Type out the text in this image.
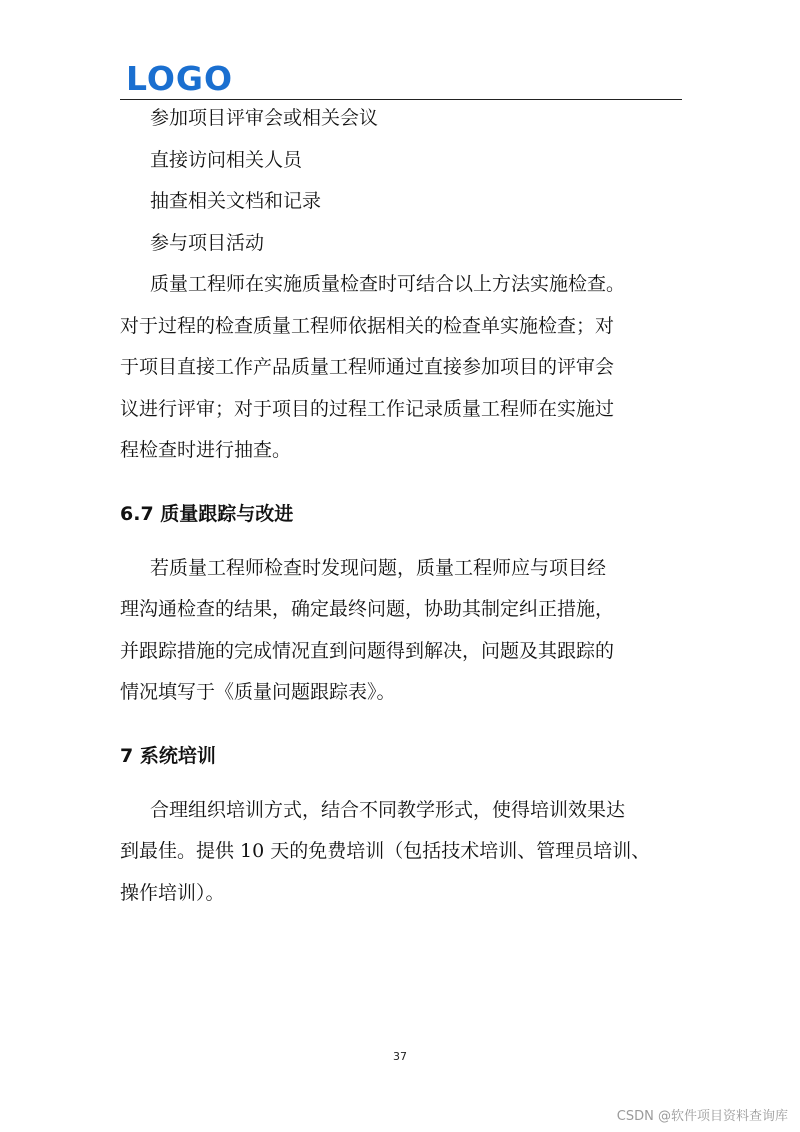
LOGO
参加项目评审会或相关会议
直接访问相关人员
抽查相关文档和记录
参与项目活动
质量工程师在实施质量检查时可结合以上方法实施检查。
对于过程的检查质量工程师依据相关的检查单实施检查；对
于项目直接工作产品质量工程师通过直接参加项目的评审会
议进行评审；对于项目的过程工作记录质量工程师在实施过
程检查时进行抽查。
6.7 质量跟踪与改进
若质量工程师检查时发现问题，质量工程师应与项目经
理沟通检查的结果，确定最终问题，协助其制定纠正措施，
并跟踪措施的完成情况直到问题得到解决，问题及其跟踪的
情况填写于《质量问题跟踪表》。
7 系统培训
合理组织培训方式，结合不同教学形式，使得培训效果达
到最佳。提供 10 天的免费培训（包括技术培训、管理员培训、
操作培训）。
37
CSDN @软件项目资料查询库
